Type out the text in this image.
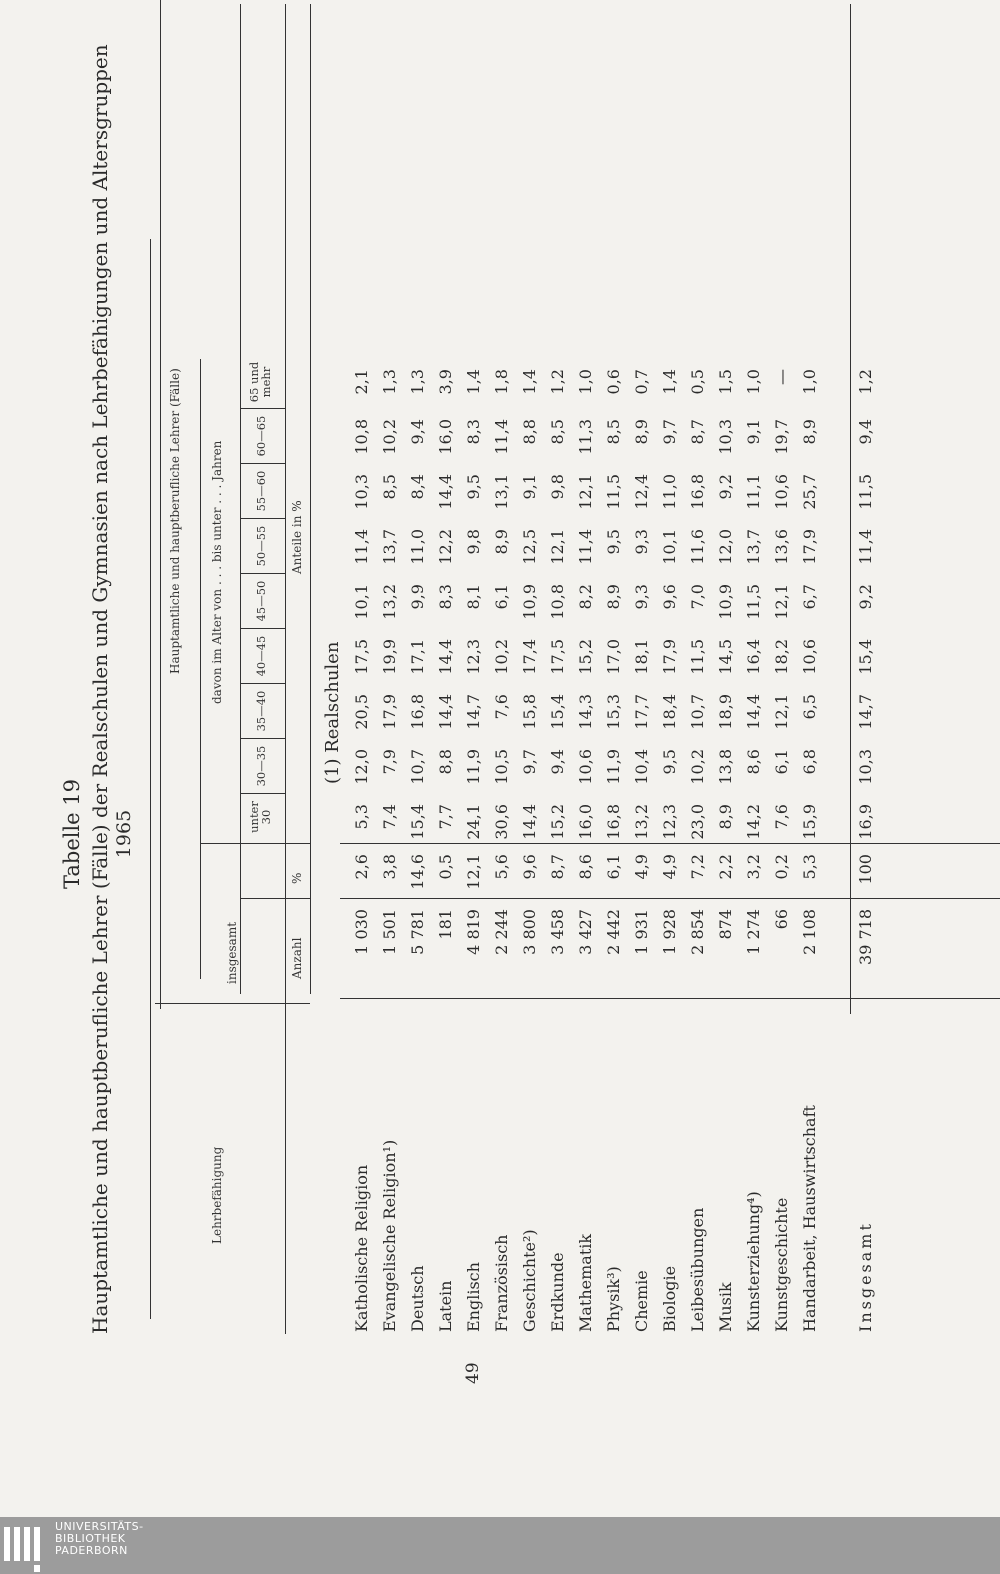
Tabelle 19 Hauptamtliche und hauptberufliche Lehrer (Fälle) der Realschulen und Gymnasien nach Lehrbefähigungen und Altersgruppen 1965
Lehrbefähigung
Hauptamtliche und hauptberufliche Lehrer (Fälle)
insgesamt
davon im Alter von . . . bis unter . . . Jahren
Anzahl
%
Anteile in %
unter 30
30—35
35—40
40—45
45—50
50—55
55—60
60—65
65 und mehr
(1) Realschulen
Katholische Religion
1 030
2,6
5,3
12,0
20,5
17,5
10,1
11,4
10,3
10,8
2,1
Evangelische Religion¹)
1 501
3,8
7,4
7,9
17,9
19,9
13,2
13,7
8,5
10,2
1,3
Deutsch
5 781
14,6
15,4
10,7
16,8
17,1
9,9
11,0
8,4
9,4
1,3
Latein
181
0,5
7,7
8,8
14,4
14,4
8,3
12,2
14,4
16,0
3,9
Englisch
4 819
12,1
24,1
11,9
14,7
12,3
8,1
9,8
9,5
8,3
1,4
Französisch
2 244
5,6
30,6
10,5
7,6
10,2
6,1
8,9
13,1
11,4
1,8
Geschichte²)
3 800
9,6
14,4
9,7
15,8
17,4
10,9
12,5
9,1
8,8
1,4
Erdkunde
3 458
8,7
15,2
9,4
15,4
17,5
10,8
12,1
9,8
8,5
1,2
Mathematik
3 427
8,6
16,0
10,6
14,3
15,2
8,2
11,4
12,1
11,3
1,0
Physik³)
2 442
6,1
16,8
11,9
15,3
17,0
8,9
9,5
11,5
8,5
0,6
Chemie
1 931
4,9
13,2
10,4
17,7
18,1
9,3
9,3
12,4
8,9
0,7
Biologie
1 928
4,9
12,3
9,5
18,4
17,9
9,6
10,1
11,0
9,7
1,4
Leibesübungen
2 854
7,2
23,0
10,2
10,7
11,5
7,0
11,6
16,8
8,7
0,5
Musik
874
2,2
8,9
13,8
18,9
14,5
10,9
12,0
9,2
10,3
1,5
Kunsterziehung⁴)
1 274
3,2
14,2
8,6
14,4
16,4
11,5
13,7
11,1
9,1
1,0
Kunstgeschichte
66
0,2
7,6
6,1
12,1
18,2
12,1
13,6
10,6
19,7
—
Handarbeit, Hauswirtschaft
2 108
5,3
15,9
6,8
6,5
10,6
6,7
17,9
25,7
8,9
1,0
Insgesamt
39 718
100
16,9
10,3
14,7
15,4
9,2
11,4
11,5
9,4
1,2
49
UNIVERSITÄTS-
BIBLIOTHEK
PADERBORN
